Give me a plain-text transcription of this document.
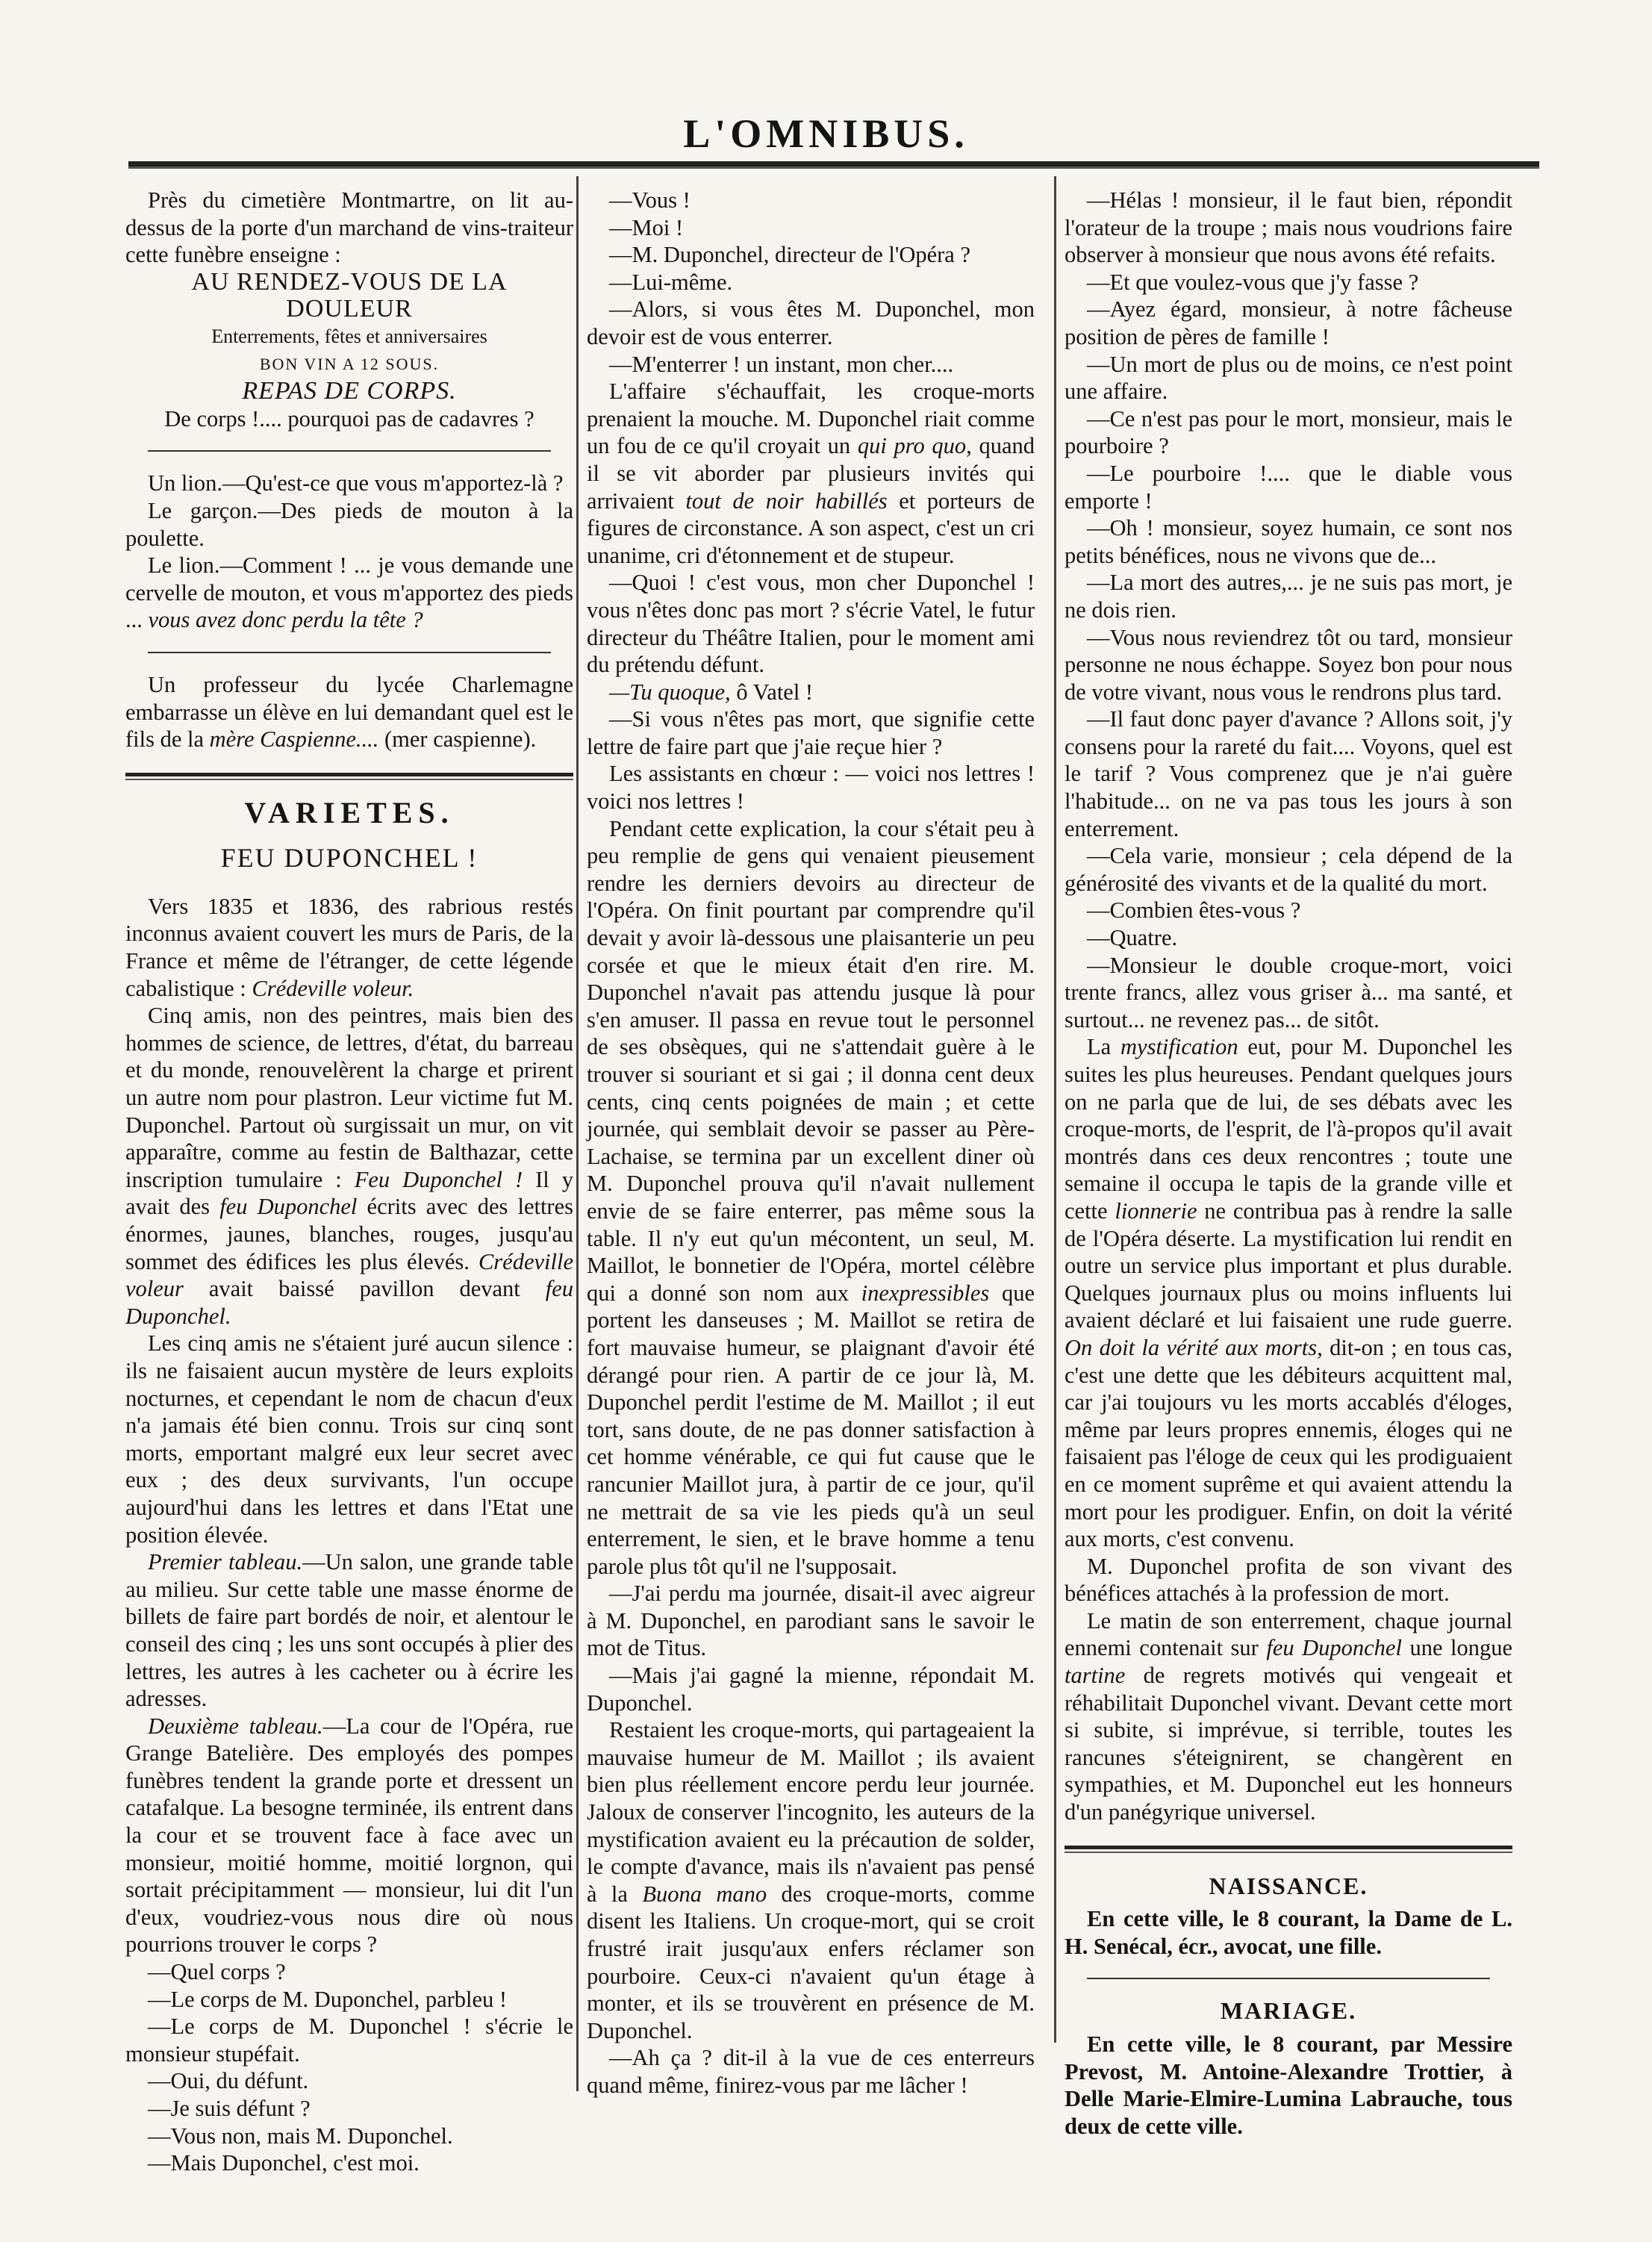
L'OMNIBUS.

Près du cimetière Montmartre, on lit au-dessus de la porte d'un marchand de vins-traiteur cette funèbre enseigne :

AU RENDEZ-VOUS DE LA DOULEUR

Enterrements, fêtes et anniversaires

BON VIN A 12 SOUS.

REPAS DE CORPS.

De corps !.... pourquoi pas de cadavres ?

Un lion.—Qu'est-ce que vous m'apportez-là ?

Le garçon.—Des pieds de mouton à la poulette.

Le lion.—Comment ! ... je vous demande une cervelle de mouton, et vous m'apportez des pieds ... vous avez donc perdu la tête ?

Un professeur du lycée Charlemagne embarrasse un élève en lui demandant quel est le fils de la mère Caspienne.... (mer caspienne).

VARIETES.

FEU DUPONCHEL !

Vers 1835 et 1836, des rabrious restés inconnus avaient couvert les murs de Paris, de la France et même de l'étranger, de cette légende cabalistique : Crédeville voleur.

Cinq amis, non des peintres, mais bien des hommes de science, de lettres, d'état, du barreau et du monde, renouvelèrent la charge et prirent un autre nom pour plastron. Leur victime fut M. Duponchel. Partout où surgissait un mur, on vit apparaître, comme au festin de Balthazar, cette inscription tumulaire : Feu Duponchel ! Il y avait des feu Duponchel écrits avec des lettres énormes, jaunes, blanches, rouges, jusqu'au sommet des édifices les plus élevés. Crédeville voleur avait baissé pavillon devant feu Duponchel.

Les cinq amis ne s'étaient juré aucun silence : ils ne faisaient aucun mystère de leurs exploits nocturnes, et cependant le nom de chacun d'eux n'a jamais été bien connu. Trois sur cinq sont morts, emportant malgré eux leur secret avec eux ; des deux survivants, l'un occupe aujourd'hui dans les lettres et dans l'Etat une position élevée.

Premier tableau.—Un salon, une grande table au milieu. Sur cette table une masse énorme de billets de faire part bordés de noir, et alentour le conseil des cinq ; les uns sont occupés à plier des lettres, les autres à les cacheter ou à écrire les adresses.

Deuxième tableau.—La cour de l'Opéra, rue Grange Batelière. Des employés des pompes funèbres tendent la grande porte et dressent un catafalque. La besogne terminée, ils entrent dans la cour et se trouvent face à face avec un monsieur, moitié homme, moitié lorgnon, qui sortait précipitamment — monsieur, lui dit l'un d'eux, voudriez-vous nous dire où nous pourrions trouver le corps ?

—Quel corps ?

—Le corps de M. Duponchel, parbleu !

—Le corps de M. Duponchel ! s'écrie le monsieur stupéfait.

—Oui, du défunt.

—Je suis défunt ?

—Vous non, mais M. Duponchel.

—Mais Duponchel, c'est moi.

—Vous !

—Moi !

—M. Duponchel, directeur de l'Opéra ?

—Lui-même.

—Alors, si vous êtes M. Duponchel, mon devoir est de vous enterrer.

—M'enterrer ! un instant, mon cher....

L'affaire s'échauffait, les croque-morts prenaient la mouche. M. Duponchel riait comme un fou de ce qu'il croyait un qui pro quo, quand il se vit aborder par plusieurs invités qui arrivaient tout de noir habillés et porteurs de figures de circonstance. A son aspect, c'est un cri unanime, cri d'étonnement et de stupeur.

—Quoi ! c'est vous, mon cher Duponchel ! vous n'êtes donc pas mort ? s'écrie Vatel, le futur directeur du Théâtre Italien, pour le moment ami du prétendu défunt.

—Tu quoque, ô Vatel !

—Si vous n'êtes pas mort, que signifie cette lettre de faire part que j'aie reçue hier ?

Les assistants en chœur : — voici nos lettres ! voici nos lettres !

Pendant cette explication, la cour s'était peu à peu remplie de gens qui venaient pieusement rendre les derniers devoirs au directeur de l'Opéra. On finit pourtant par comprendre qu'il devait y avoir là-dessous une plaisanterie un peu corsée et que le mieux était d'en rire. M. Duponchel n'avait pas attendu jusque là pour s'en amuser. Il passa en revue tout le personnel de ses obsèques, qui ne s'attendait guère à le trouver si souriant et si gai ; il donna cent deux cents, cinq cents poignées de main ; et cette journée, qui semblait devoir se passer au Père-Lachaise, se termina par un excellent diner où M. Duponchel prouva qu'il n'avait nullement envie de se faire enterrer, pas même sous la table. Il n'y eut qu'un mécontent, un seul, M. Maillot, le bonnetier de l'Opéra, mortel célèbre qui a donné son nom aux inexpressibles que portent les danseuses ; M. Maillot se retira de fort mauvaise humeur, se plaignant d'avoir été dérangé pour rien. A partir de ce jour là, M. Duponchel perdit l'estime de M. Maillot ; il eut tort, sans doute, de ne pas donner satisfaction à cet homme vénérable, ce qui fut cause que le rancunier Maillot jura, à partir de ce jour, qu'il ne mettrait de sa vie les pieds qu'à un seul enterrement, le sien, et le brave homme a tenu parole plus tôt qu'il ne l'supposait.

—J'ai perdu ma journée, disait-il avec aigreur à M. Duponchel, en parodiant sans le savoir le mot de Titus.

—Mais j'ai gagné la mienne, répondait M. Duponchel.

Restaient les croque-morts, qui partageaient la mauvaise humeur de M. Maillot ; ils avaient bien plus réellement encore perdu leur journée. Jaloux de conserver l'incognito, les auteurs de la mystification avaient eu la précaution de solder, le compte d'avance, mais ils n'avaient pas pensé à la Buona mano des croque-morts, comme disent les Italiens. Un croque-mort, qui se croit frustré irait jusqu'aux enfers réclamer son pourboire. Ceux-ci n'avaient qu'un étage à monter, et ils se trouvèrent en présence de M. Duponchel.

—Ah ça ? dit-il à la vue de ces enterreurs quand même, finirez-vous par me lâcher !

—Hélas ! monsieur, il le faut bien, répondit l'orateur de la troupe ; mais nous voudrions faire observer à monsieur que nous avons été refaits.

—Et que voulez-vous que j'y fasse ?

—Ayez égard, monsieur, à notre fâcheuse position de pères de famille !

—Un mort de plus ou de moins, ce n'est point une affaire.

—Ce n'est pas pour le mort, monsieur, mais le pourboire ?

—Le pourboire !.... que le diable vous emporte !

—Oh ! monsieur, soyez humain, ce sont nos petits bénéfices, nous ne vivons que de...

—La mort des autres,... je ne suis pas mort, je ne dois rien.

—Vous nous reviendrez tôt ou tard, monsieur personne ne nous échappe. Soyez bon pour nous de votre vivant, nous vous le rendrons plus tard.

—Il faut donc payer d'avance ? Allons soit, j'y consens pour la rareté du fait.... Voyons, quel est le tarif ? Vous comprenez que je n'ai guère l'habitude... on ne va pas tous les jours à son enterrement.

—Cela varie, monsieur ; cela dépend de la générosité des vivants et de la qualité du mort.

—Combien êtes-vous ?

—Quatre.

—Monsieur le double croque-mort, voici trente francs, allez vous griser à... ma santé, et surtout... ne revenez pas... de sitôt.

La mystification eut, pour M. Duponchel les suites les plus heureuses. Pendant quelques jours on ne parla que de lui, de ses débats avec les croque-morts, de l'esprit, de l'à-propos qu'il avait montrés dans ces deux rencontres ; toute une semaine il occupa le tapis de la grande ville et cette lionnerie ne contribua pas à rendre la salle de l'Opéra déserte. La mystification lui rendit en outre un service plus important et plus durable. Quelques journaux plus ou moins influents lui avaient déclaré et lui faisaient une rude guerre. On doit la vérité aux morts, dit-on ; en tous cas, c'est une dette que les débiteurs acquittent mal, car j'ai toujours vu les morts accablés d'éloges, même par leurs propres ennemis, éloges qui ne faisaient pas l'éloge de ceux qui les prodiguaient en ce moment suprême et qui avaient attendu la mort pour les prodiguer. Enfin, on doit la vérité aux morts, c'est convenu.

M. Duponchel profita de son vivant des bénéfices attachés à la profession de mort.

Le matin de son enterrement, chaque journal ennemi contenait sur feu Duponchel une longue tartine de regrets motivés qui vengeait et réhabilitait Duponchel vivant. Devant cette mort si subite, si imprévue, si terrible, toutes les rancunes s'éteignirent, se changèrent en sympathies, et M. Duponchel eut les honneurs d'un panégyrique universel.

NAISSANCE.

En cette ville, le 8 courant, la Dame de L. H. Senécal, écr., avocat, une fille.

MARIAGE.

En cette ville, le 8 courant, par Messire Prevost, M. Antoine-Alexandre Trottier, à Delle Marie-Elmire-Lumina Labrauche, tous deux de cette ville.
